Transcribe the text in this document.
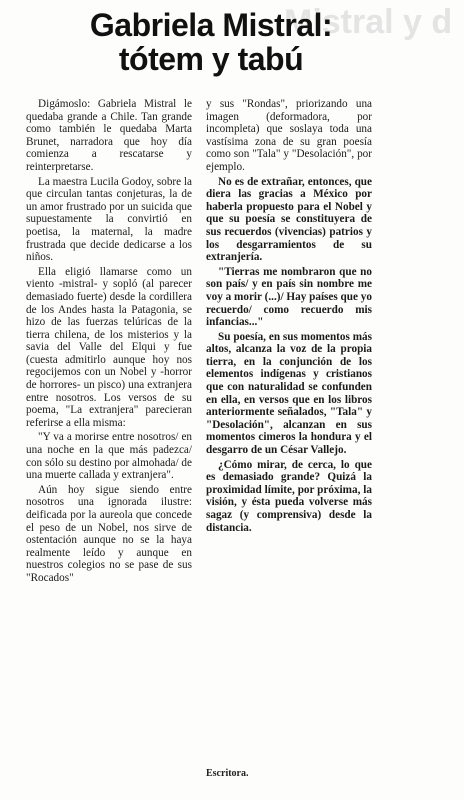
Mistral y d
Gabriela Mistral:
tótem y tabú

Digámoslo: Gabriela Mistral le quedaba grande a Chile. Tan grande como también le quedaba Marta Brunet, narradora que hoy día comienza a rescatarse y reinterpretarse.

La maestra Lucila Godoy, sobre la que circulan tantas conjeturas, la de un amor frustrado por un suicida que supuestamente la convirtió en poetisa, la maternal, la madre frustrada que decide dedicarse a los niños.

Ella eligió llamarse como un viento -mistral- y sopló (al parecer demasiado fuerte) desde la cordillera de los Andes hasta la Patagonia, se hizo de las fuerzas telúricas de la tierra chilena, de los misterios y la savia del Valle del Elqui y fue (cuesta admitirlo aunque hoy nos regocijemos con un Nobel y -horror de horrores- un pisco) una extranjera entre nosotros. Los versos de su poema, "La extranjera" parecieran referirse a ella misma:

"Y va a morirse entre nosotros/ en una noche en la que más padezca/ con sólo su destino por almohada/ de una muerte callada y extranjera".

Aún hoy sigue siendo entre nosotros una ignorada ilustre: deificada por la aureola que concede el peso de un Nobel, nos sirve de ostentación aunque no se la haya realmente leído y aunque en nuestros colegios no se pase de sus "Rocados"

y sus "Rondas", priorizando una imagen (deformadora, por incompleta) que soslaya toda una vastísima zona de su gran poesía como son "Tala" y "Desolación", por ejemplo.

No es de extrañar, entonces, que diera las gracias a México por haberla propuesto para el Nobel y que su poesía se constituyera de sus recuerdos (vivencias) patrios y los desgarramientos de su extranjería.

"Tierras me nombraron que no son país/ y en país sin nombre me voy a morir (...)/ Hay países que yo recuerdo/ como recuerdo mis infancias..."

Su poesía, en sus momentos más altos, alcanza la voz de la propia tierra, en la conjunción de los elementos indígenas y cristianos que con naturalidad se confunden en ella, en versos que en los libros anteriormente señalados, "Tala" y "Desolación", alcanzan en sus momentos cimeros la hondura y el desgarro de un César Vallejo.

¿Cómo mirar, de cerca, lo que es demasiado grande? Quizá la proximidad límite, por próxima, la visión, y ésta pueda volverse más sagaz (y comprensiva) desde la distancia.

Escritora.
